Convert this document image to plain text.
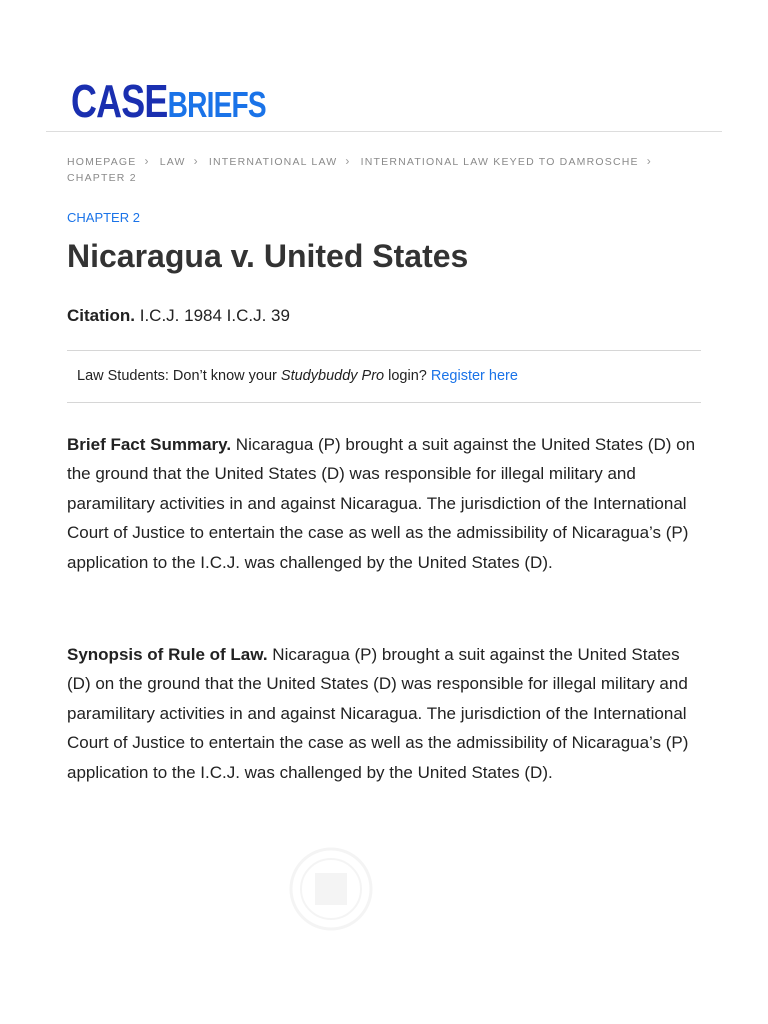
CASEBRIEFS
HOMEPAGE › LAW › INTERNATIONAL LAW › INTERNATIONAL LAW KEYED TO DAMROSCHE ›
CHAPTER 2
CHAPTER 2
Nicaragua v. United States
Citation. I.C.J. 1984 I.C.J. 39
Law Students: Don’t know your Studybuddy Pro login? Register here

Brief Fact Summary. Nicaragua (P) brought a suit against the United States (D) on the ground that the United States (D) was responsible for illegal military and paramilitary activities in and against Nicaragua. The jurisdiction of the International Court of Justice to entertain the case as well as the admissibility of Nicaragua’s (P) application to the I.C.J. was challenged by the United States (D).

Synopsis of Rule of Law. Nicaragua (P) brought a suit against the United States (D) on the ground that the United States (D) was responsible for illegal military and paramilitary activities in and against Nicaragua. The jurisdiction of the International Court of Justice to entertain the case as well as the admissibility of Nicaragua’s (P) application to the I.C.J. was challenged by the United States (D).
